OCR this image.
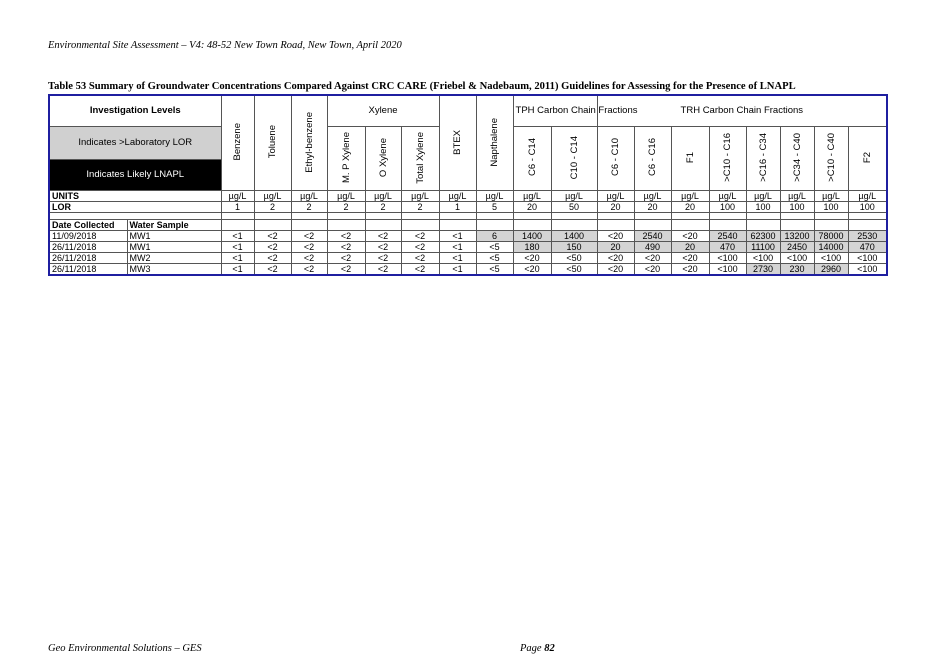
Environmental Site Assessment – V4: 48-52 New Town Road, New Town, April 2020
Table 53 Summary of Groundwater Concentrations Compared Against CRC CARE (Friebel & Nadebaum, 2011) Guidelines for Assessing for the Presence of LNAPL
Investigation Levels		Benzene	Toluene	Ethyl-benzene	Xylene			BTEX	Napthalene	TPH Carbon Chain Fractions		TRH Carbon Chain Fractions							
Indicates >Laboratory LOR					M. P Xylene	O Xylene	Total Xylene			C6 - C14	C10 - C14	C6 - C10	C6 - C16	F1	>C10 - C16	>C16 - C34	>C34 - C40	>C10 - C40	F2
Indicates Likely LNAPL																			
UNITS		µg/L	µg/L	µg/L	µg/L	µg/L	µg/L	µg/L	µg/L	µg/L	µg/L	µg/L	µg/L	µg/L	µg/L	µg/L	µg/L	µg/L	µg/L
LOR		1	2	2	2	2	2	1	5	20	50	20	20	20	100	100	100	100	100

Date Collected	Water Sample																		
11/09/2018	MW1	<1	<2	<2	<2	<2	<2	<1	6	1400	1400	<20	2540	<20	2540	62300	13200	78000	2530
26/11/2018	MW1	<1	<2	<2	<2	<2	<2	<1	<5	180	150	20	490	20	470	11100	2450	14000	470
26/11/2018	MW2	<1	<2	<2	<2	<2	<2	<1	<5	<20	<50	<20	<20	<20	<100	<100	<100	<100	<100
26/11/2018	MW3	<1	<2	<2	<2	<2	<2	<1	<5	<20	<50	<20	<20	<20	<100	2730	230	2960	<100
Geo Environmental Solutions – GES	Page 82
